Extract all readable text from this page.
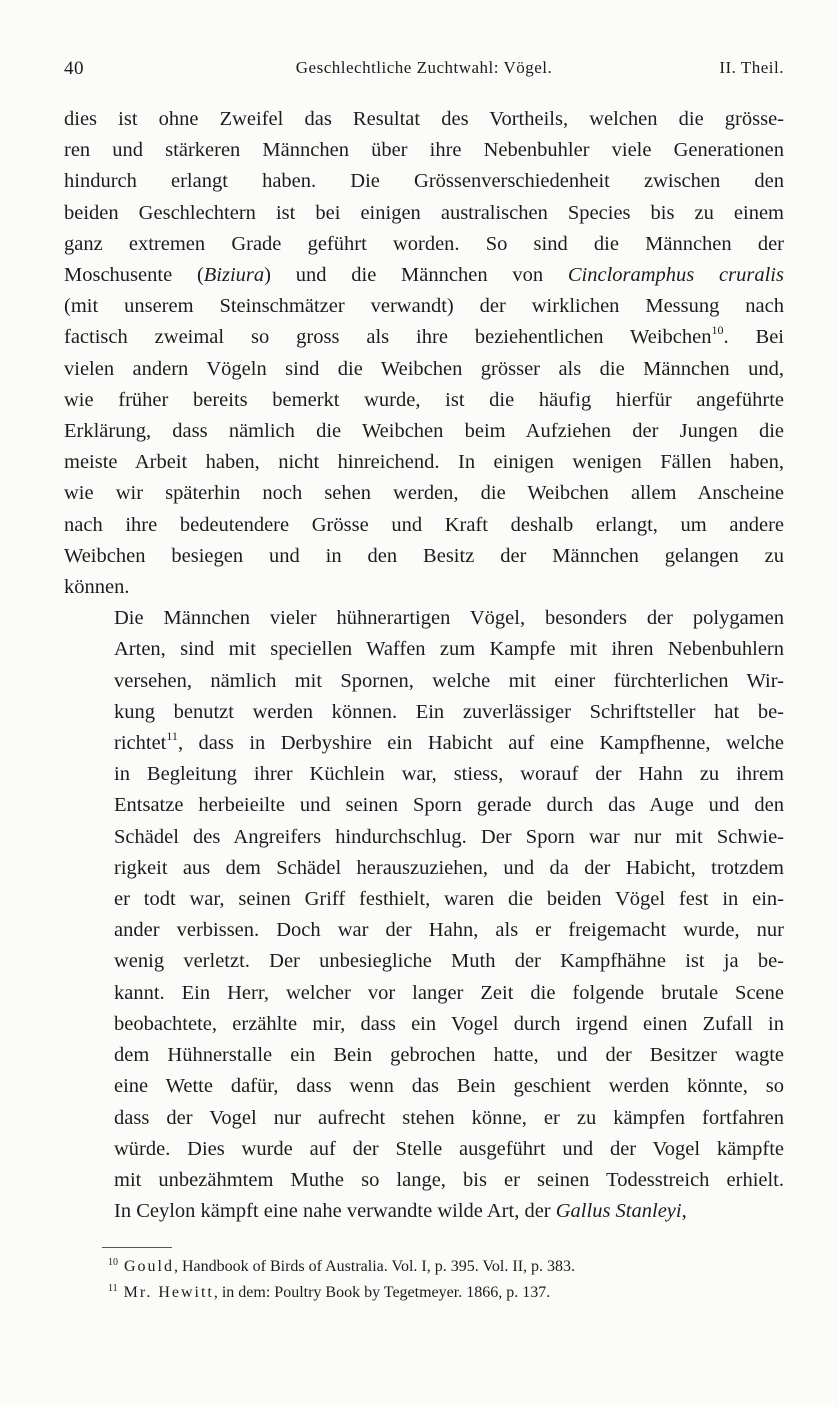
40	Geschlechtliche Zuchtwahl: Vögel.	II. Theil.

dies ist ohne Zweifel das Resultat des Vortheils, welchen die grösse-
ren und stärkeren Männchen über ihre Nebenbuhler viele Generationen
hindurch erlangt haben. Die Grössenverschiedenheit zwischen den
beiden Geschlechtern ist bei einigen australischen Species bis zu einem
ganz extremen Grade geführt worden. So sind die Männchen der
Moschusente (Biziura) und die Männchen von Cincloramphus cruralis
(mit unserem Steinschmätzer verwandt) der wirklichen Messung nach
factisch zweimal so gross als ihre beziehentlichen Weibchen$^{10}$. Bei
vielen andern Vögeln sind die Weibchen grösser als die Männchen und,
wie früher bereits bemerkt wurde, ist die häufig hierfür angeführte
Erklärung, dass nämlich die Weibchen beim Aufziehen der Jungen die
meiste Arbeit haben, nicht hinreichend. In einigen wenigen Fällen haben,
wie wir späterhin noch sehen werden, die Weibchen allem Anscheine
nach ihre bedeutendere Grösse und Kraft deshalb erlangt, um andere
Weibchen besiegen und in den Besitz der Männchen gelangen zu
können.

Die Männchen vieler hühnerartigen Vögel, besonders der polygamen
Arten, sind mit speciellen Waffen zum Kampfe mit ihren Nebenbuhlern
versehen, nämlich mit Spornen, welche mit einer fürchterlichen Wir-
kung benutzt werden können. Ein zuverlässiger Schriftsteller hat be-
richtet$^{11}$, dass in Derbyshire ein Habicht auf eine Kampfhenne, welche
in Begleitung ihrer Küchlein war, stiess, worauf der Hahn zu ihrem
Entsatze herbeieilte und seinen Sporn gerade durch das Auge und den
Schädel des Angreifers hindurchschlug. Der Sporn war nur mit Schwie-
rigkeit aus dem Schädel herauszuziehen, und da der Habicht, trotzdem
er todt war, seinen Griff festhielt, waren die beiden Vögel fest in ein-
ander verbissen. Doch war der Hahn, als er freigemacht wurde, nur
wenig verletzt. Der unbesiegliche Muth der Kampfhähne ist ja be-
kannt. Ein Herr, welcher vor langer Zeit die folgende brutale Scene
beobachtete, erzählte mir, dass ein Vogel durch irgend einen Zufall in
dem Hühnerstalle ein Bein gebrochen hatte, und der Besitzer wagte
eine Wette dafür, dass wenn das Bein geschient werden könnte, so
dass der Vogel nur aufrecht stehen könne, er zu kämpfen fortfahren
würde. Dies wurde auf der Stelle ausgeführt und der Vogel kämpfte
mit unbezähmtem Muthe so lange, bis er seinen Todesstreich erhielt.
In Ceylon kämpft eine nahe verwandte wilde Art, der Gallus Stanleyi,

$^{10}$ Gould, Handbook of Birds of Australia. Vol. I, p. 395. Vol. II, p. 383.
$^{11}$ Mr. Hewitt, in dem: Poultry Book by Tegetmeyer. 1866, p. 137.
